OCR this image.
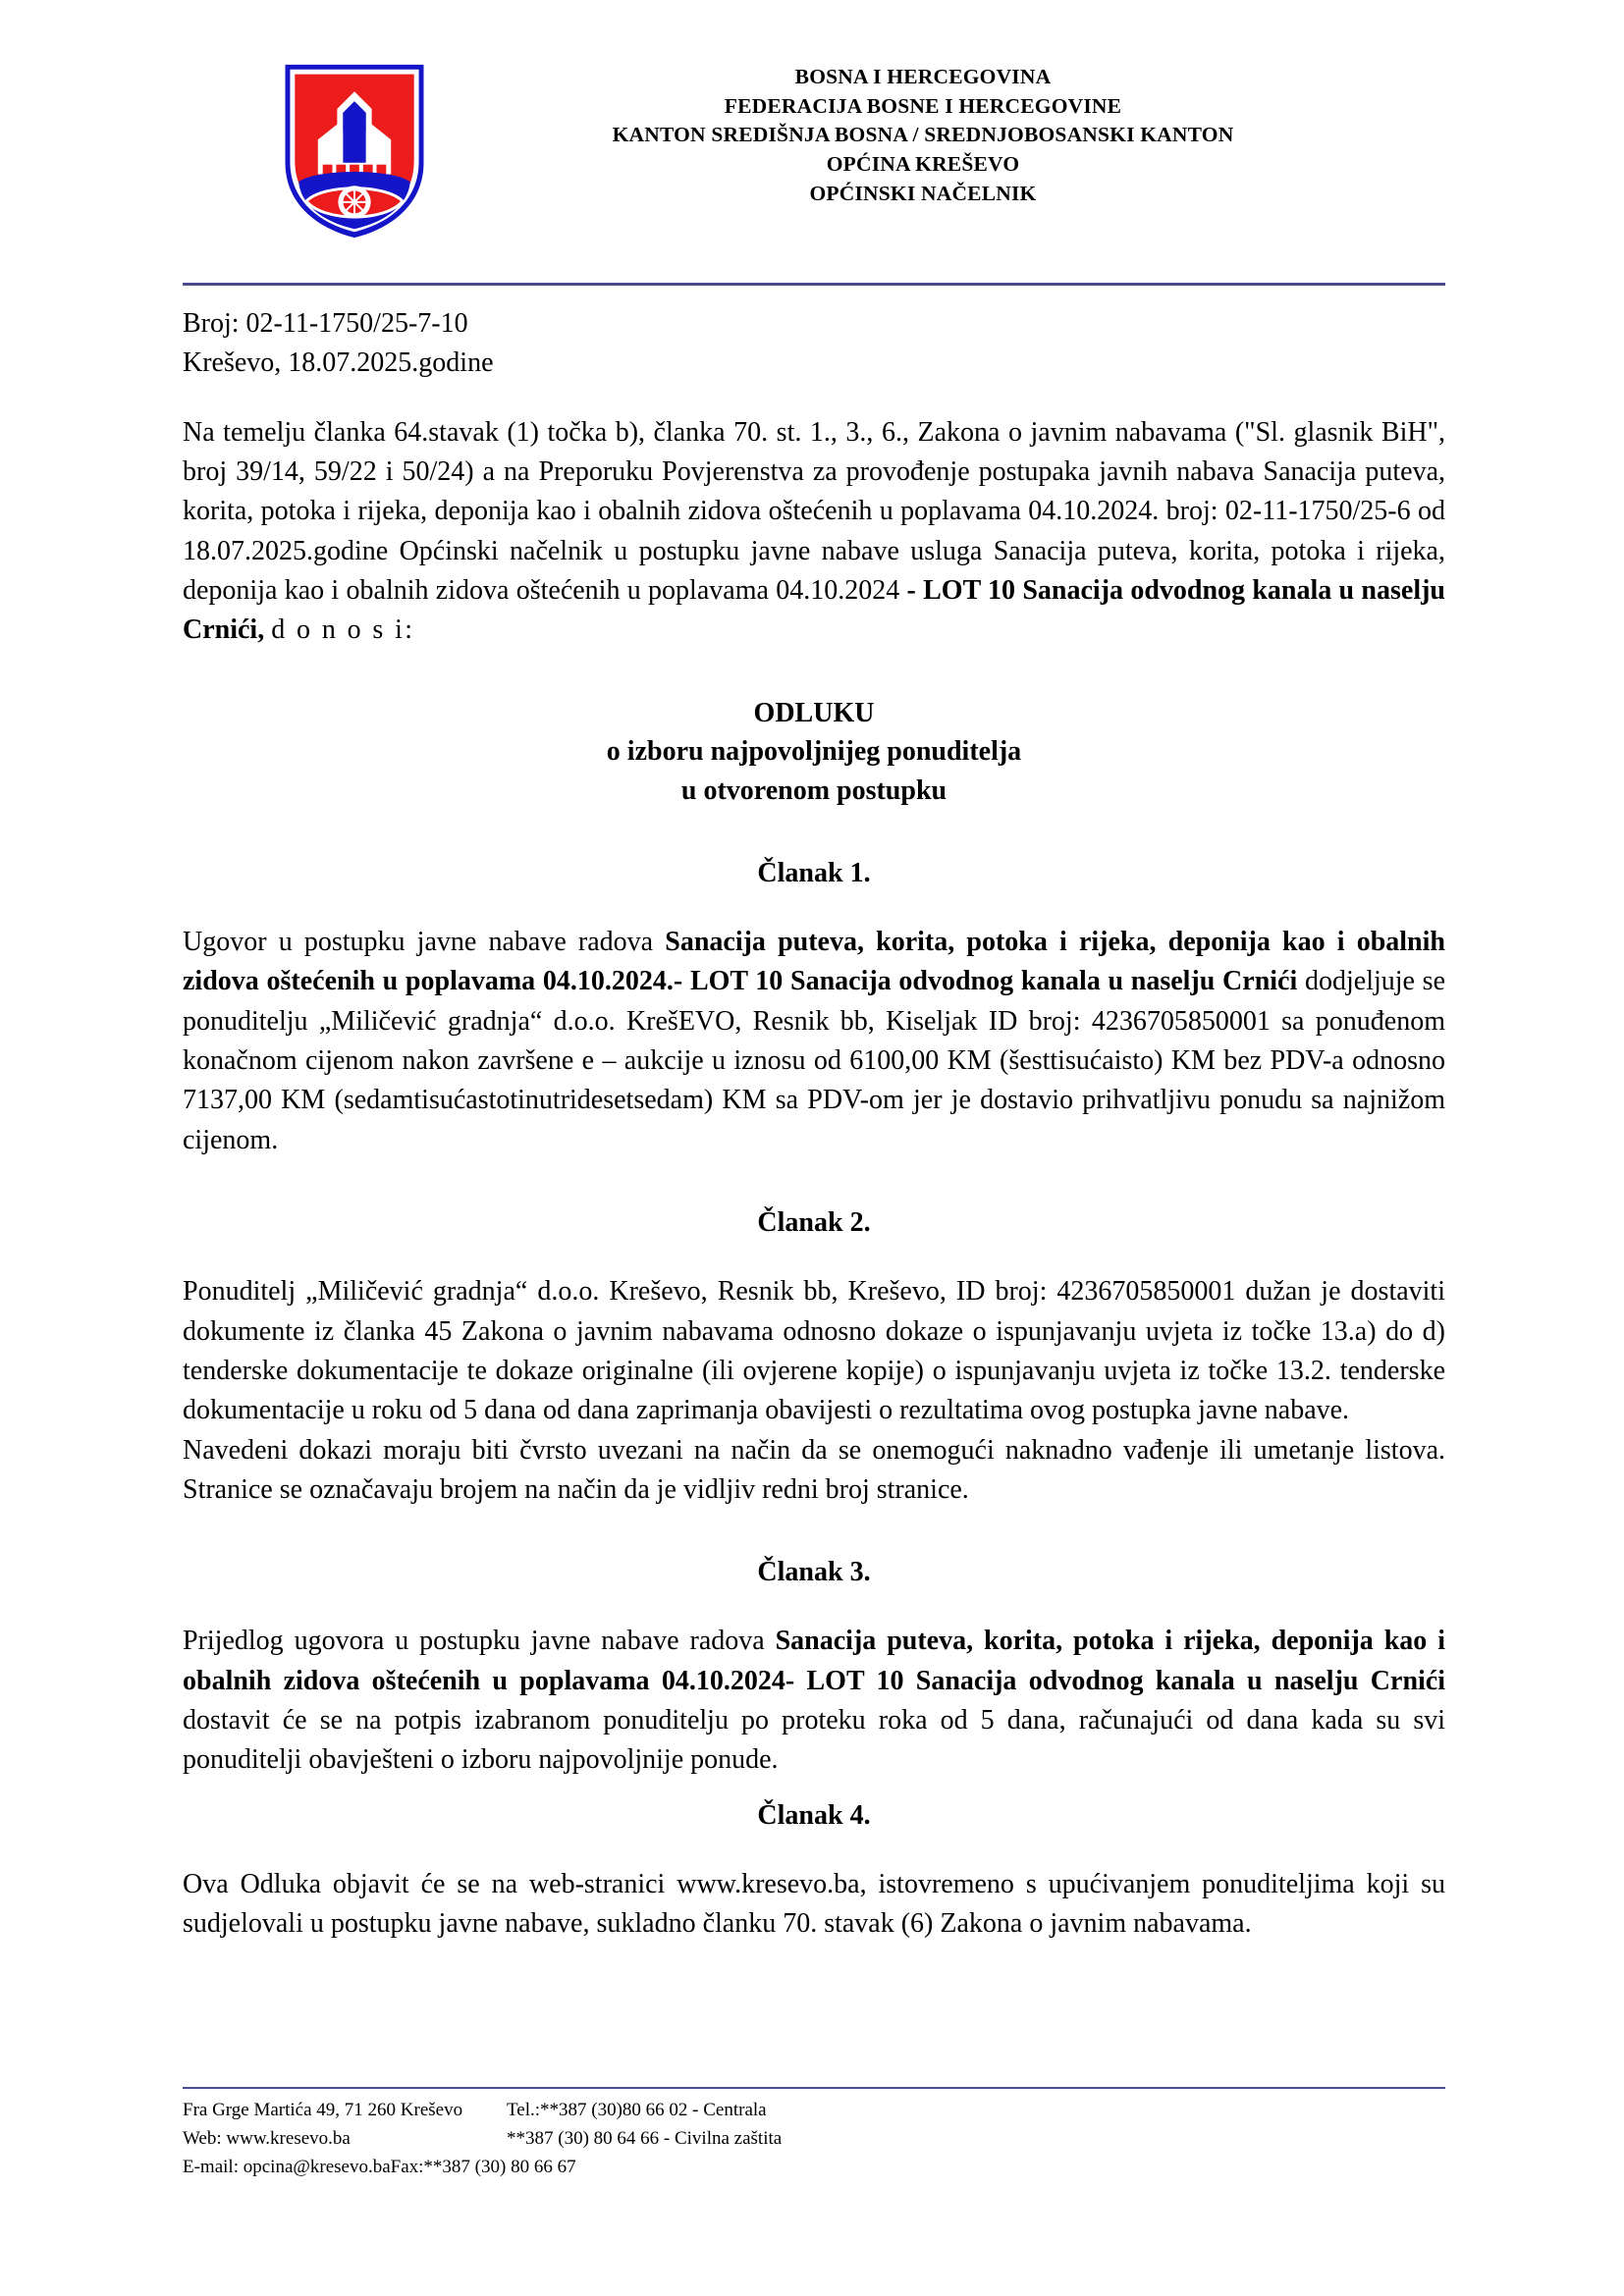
BOSNA I HERCEGOVINA
FEDERACIJA BOSNE I HERCEGOVINE
KANTON SREDIŠNJA BOSNA / SREDNJOBOSANSKI KANTON
OPĆINA KREŠEVO
OPĆINSKI NAČELNIK
Broj: 02-11-1750/25-7-10
Kreševo, 18.07.2025.godine
Na temelju članka 64.stavak (1) točka b), članka 70. st. 1., 3., 6., Zakona o javnim nabavama ("Sl. glasnik BiH", broj 39/14, 59/22 i 50/24) a na Preporuku Povjerenstva za provođenje postupaka javnih nabava Sanacija puteva, korita, potoka i rijeka, deponija kao i obalnih zidova oštećenih u poplavama 04.10.2024. broj: 02-11-1750/25-6 od 18.07.2025.godine Općinski načelnik u postupku javne nabave usluga Sanacija puteva, korita, potoka i rijeka, deponija kao i obalnih zidova oštećenih u poplavama 04.10.2024 - LOT 10 Sanacija odvodnog kanala u naselju Crnići, d o n o s i:
ODLUKU
o izboru najpovoljnijeg ponuditelja
u otvorenom postupku
Članak 1.
Ugovor u postupku javne nabave radova Sanacija puteva, korita, potoka i rijeka, deponija kao i obalnih zidova oštećenih u poplavama 04.10.2024.- LOT 10 Sanacija odvodnog kanala u naselju Crnići dodjeljuje se ponuditelju „Miličević gradnja“ d.o.o. KrešEVO, Resnik bb, Kiseljak ID broj: 4236705850001 sa ponuđenom konačnom cijenom nakon završene e – aukcije u iznosu od 6100,00 KM (šesttisućaisto) KM bez PDV-a odnosno 7137,00 KM (sedamtisućastotinutridesetsedam) KM sa PDV-om jer je dostavio prihvatljivu ponudu sa najnižom cijenom.
Članak 2.
Ponuditelj „Miličević gradnja“ d.o.o. Kreševo, Resnik bb, Kreševo, ID broj: 4236705850001 dužan je dostaviti dokumente iz članka 45 Zakona o javnim nabavama odnosno dokaze o ispunjavanju uvjeta iz točke 13.a) do d) tenderske dokumentacije te dokaze originalne (ili ovjerene kopije) o ispunjavanju uvjeta iz točke 13.2. tenderske dokumentacije u roku od 5 dana od dana zaprimanja obavijesti o rezultatima ovog postupka javne nabave.
Navedeni dokazi moraju biti čvrsto uvezani na način da se onemogući naknadno vađenje ili umetanje listova. Stranice se označavaju brojem na način da je vidljiv redni broj stranice.
Članak 3.
Prijedlog ugovora u postupku javne nabave radova Sanacija puteva, korita, potoka i rijeka, deponija kao i obalnih zidova oštećenih u poplavama 04.10.2024- LOT 10 Sanacija odvodnog kanala u naselju Crnići dostavit će se na potpis izabranom ponuditelju po proteku roka od 5 dana, računajući od dana kada su svi ponuditelji obavješteni o izboru najpovoljnije ponude.
Članak 4.
Ova Odluka objavit će se na web-stranici www.kresevo.ba, istovremeno s upućivanjem ponuditeljima koji su sudjelovali u postupku javne nabave, sukladno članku 70. stavak (6) Zakona o javnim nabavama.
Fra Grge Martića 49, 71 260 Kreševo	Tel.:**387 (30)80 66 02 - Centrala
Web: www.kresevo.ba	**387 (30) 80 64 66 - Civilna zaštita
E-mail: opcina@kresevo.baFax:**387 (30) 80 66 67
